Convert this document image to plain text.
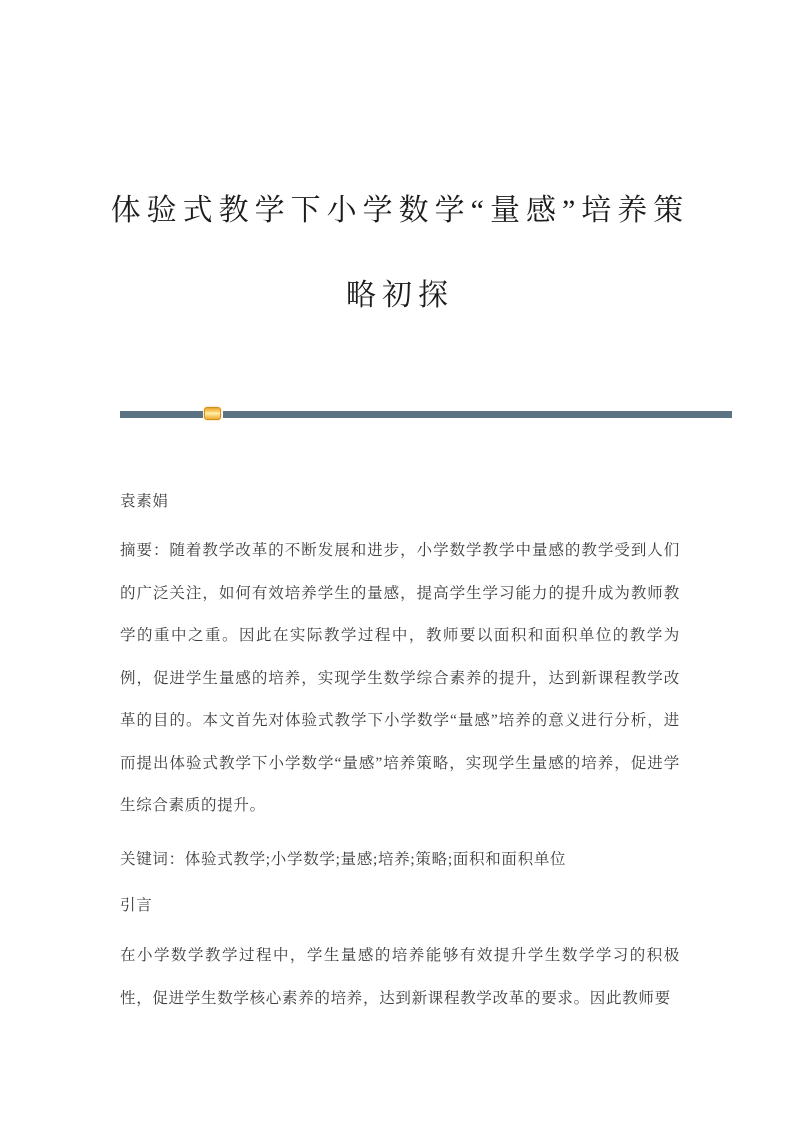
体验式教学下小学数学“量感”培养策
略初探

袁素娟

摘要：随着教学改革的不断发展和进步，小学数学教学中量感的教学受到人们的广泛关注，如何有效培养学生的量感，提高学生学习能力的提升成为教师教学的重中之重。因此在实际教学过程中，教师要以面积和面积单位的教学为例，促进学生量感的培养，实现学生数学综合素养的提升，达到新课程教学改革的目的。本文首先对体验式教学下小学数学“量感”培养的意义进行分析，进而提出体验式教学下小学数学“量感”培养策略，实现学生量感的培养，促进学生综合素质的提升。

关键词：体验式教学;小学数学;量感;培养;策略;面积和面积单位

引言

在小学数学教学过程中，学生量感的培养能够有效提升学生数学学习的积极性，促进学生数学核心素养的培养，达到新课程教学改革的要求。因此教师要
